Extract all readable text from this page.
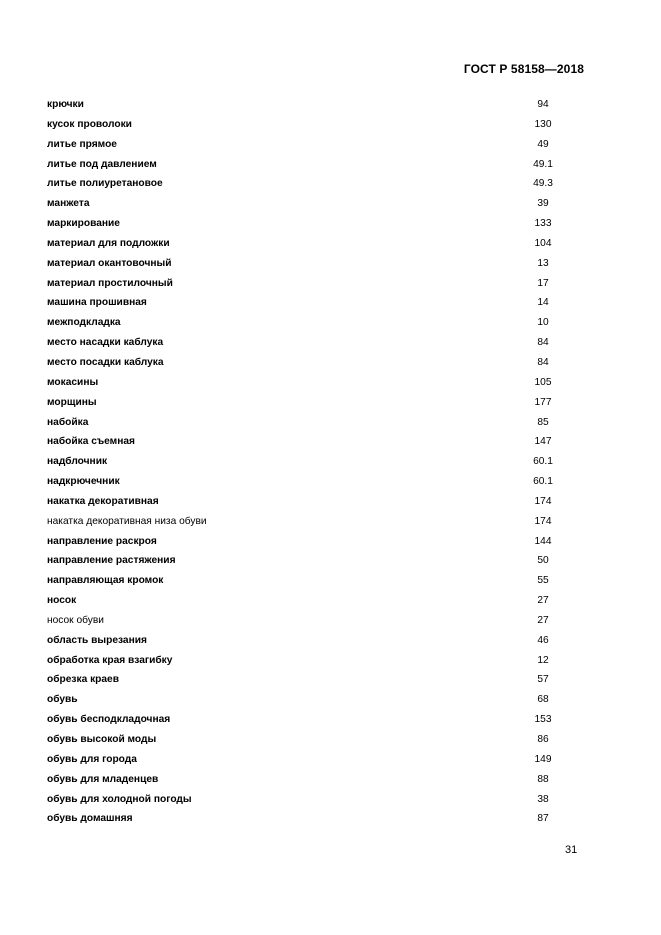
ГОСТ Р 58158—2018
крючки	94
кусок проволоки	130
литье прямое	49
литье под давлением	49.1
литье полиуретановое	49.3
манжета	39
маркирование	133
материал для подложки	104
материал окантовочный	13
материал простилочный	17
машина прошивная	14
межподкладка	10
место насадки каблука	84
место посадки каблука	84
мокасины	105
морщины	177
набойка	85
набойка съемная	147
надблочник	60.1
надкрючечник	60.1
накатка декоративная	174
накатка декоративная низа обуви	174
направление раскроя	144
направление растяжения	50
направляющая кромок	55
носок	27
носок обуви	27
область вырезания	46
обработка края взагибку	12
обрезка краев	57
обувь	68
обувь беcподкладочная	153
обувь высокой моды	86
обувь для города	149
обувь для младенцев	88
обувь для холодной погоды	38
обувь домашняя	87
31
